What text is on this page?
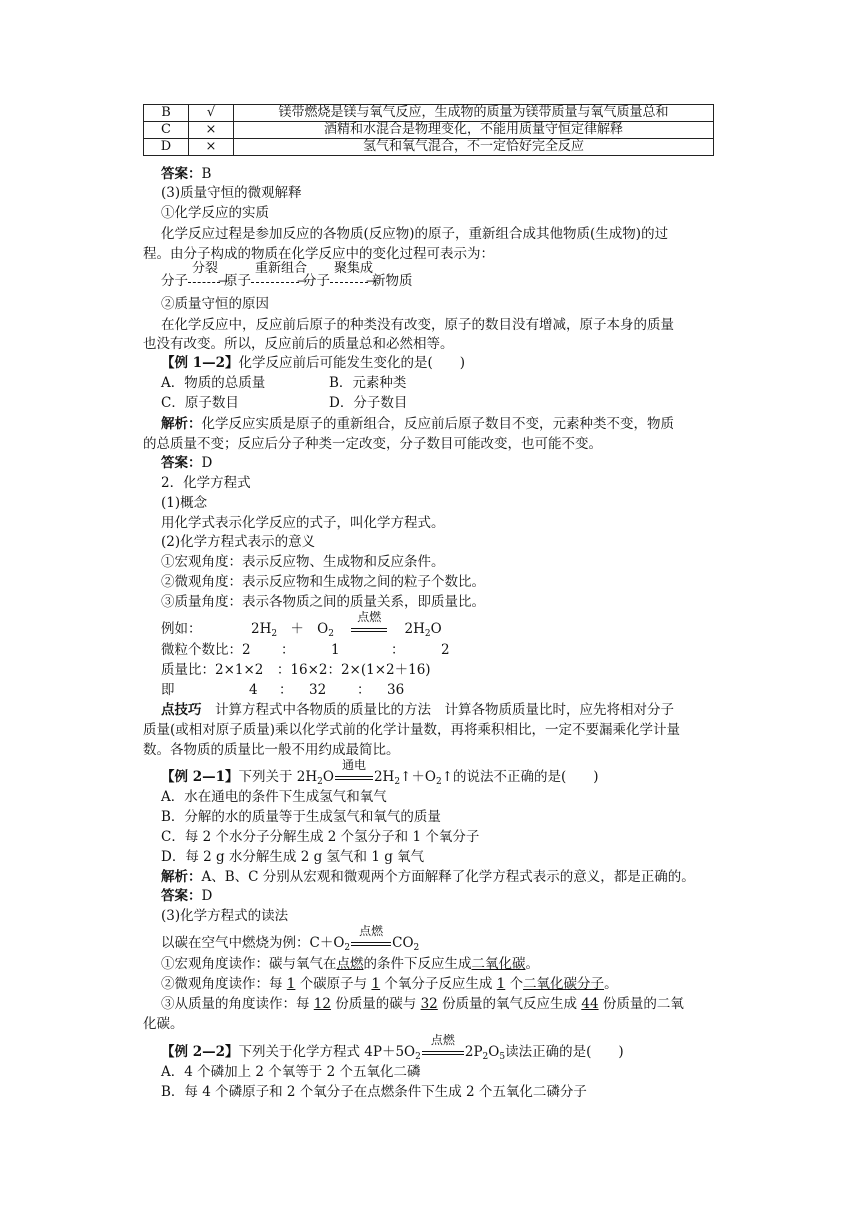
B	√	镁带燃烧是镁与氧气反应，生成物的质量为镁带质量与氧气质量总和
C	×	酒精和水混合是物理变化，不能用质量守恒定律解释
D	×	氢气和氧气混合，不一定恰好完全反应
答案：B
(3)质量守恒的微观解释
①化学反应的实质
化学反应过程是参加反应的各物质(反应物)的原子，重新组合成其他物质(生成物)的过
程。由分子构成的物质在化学反应中的变化过程可表示为：
分子
分裂
→原子
重新组合
→分子
聚集成
→新物质
②质量守恒的原因
在化学反应中，反应前后原子的种类没有改变，原子的数目没有增减，原子本身的质量
也没有改变。所以，反应前后的质量总和必然相等。
【例 1—2】化学反应前后可能发生变化的是(　　)
A．物质的总质量	B．元素种类
C．原子数目	D．分子数目
解析：化学反应实质是原子的重新组合，反应前后原子数目不变，元素种类不变，物质
的总质量不变；反应后分子种类一定改变，分子数目可能改变，也可能不变。
答案：D
2．化学方程式
(1)概念
用化学式表示化学反应的式子，叫化学方程式。
(2)化学方程式表示的意义
①宏观角度：表示反应物、生成物和反应条件。
②微观角度：表示反应物和生成物之间的粒子个数比。
③质量角度：表示各物质之间的质量关系，即质量比。
例如：	$2H_2 + O_2$
点燃
$2H_2O$
微粒个数比：2 ：	1	：	2
质量比：2×1×2　：16×2：2×(1×2＋16)
即	4 ： 32 ： 36
点技巧　计算方程式中各物质的质量比的方法　计算各物质质量比时，应先将相对分子
质量(或相对原子质量)乘以化学式前的化学计量数，再将乘积相比，一定不要漏乘化学计量
数。各物质的质量比一般不用约成最简比。
【例 2—1】下列关于 $2H_2O$
通电
$2H_2↑+O_2↑$的说法不正确的是(　　)
A．水在通电的条件下生成氢气和氧气
B．分解的水的质量等于生成氢气和氧气的质量
C．每 2 个水分子分解生成 2 个氢分子和 1 个氧分子
D．每 2 g 水分解生成 2 g 氢气和 1 g 氧气
解析：A、B、C 分别从宏观和微观两个方面解释了化学方程式表示的意义，都是正确的。
答案：D
(3)化学方程式的读法
以碳在空气中燃烧为例：$C+O_2$
点燃
$CO_2$
①宏观角度读作：碳与氧气在点燃的条件下反应生成二氧化碳。
②微观角度读作：每 1 个碳原子与 1 个氧分子反应生成 1 个二氧化碳分子。
③从质量的角度读作：每 12 份质量的碳与 32 份质量的氧气反应生成 44 份质量的二氧
化碳。
【例 2—2】下列关于化学方程式 $4P+5O_2$
点燃
$2P_2O_5$读法正确的是(　　)
A．4 个磷加上 2 个氧等于 2 个五氧化二磷
B．每 4 个磷原子和 2 个氧分子在点燃条件下生成 2 个五氧化二磷分子
